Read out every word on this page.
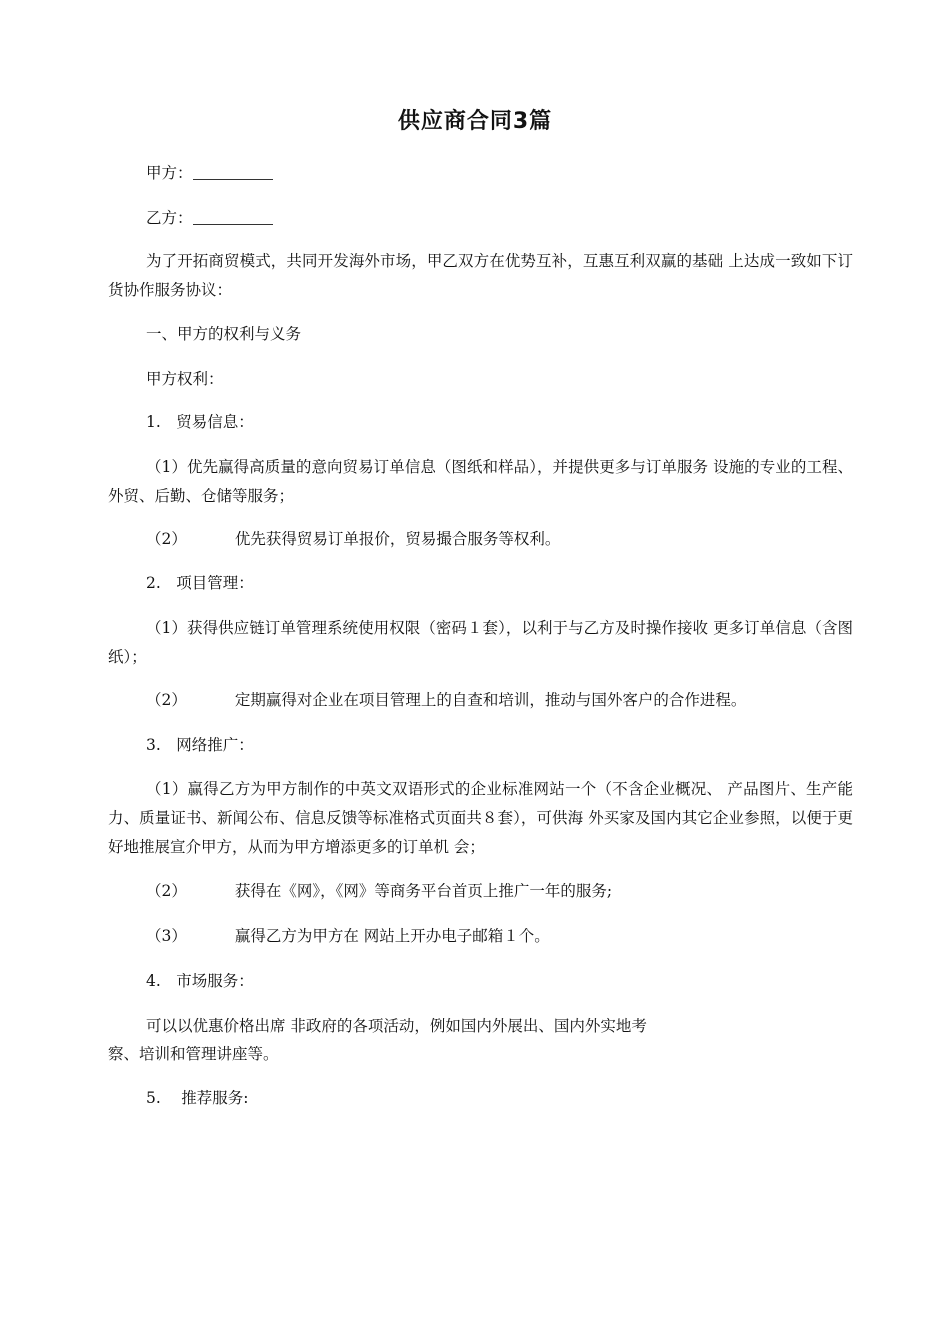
供应商合同3篇
甲方：
乙方：
为了开拓商贸模式，共同开发海外市场，甲乙双方在优势互补，互惠互利双赢的基础 上达成一致如下订货协作服务协议：
一、甲方的权利与义务
甲方权利：
1.　贸易信息：
（1）优先赢得高质量的意向贸易订单信息（图纸和样品），并提供更多与订单服务 设施的专业的工程、外贸、后勤、仓储等服务；
（2）	优先获得贸易订单报价，贸易撮合服务等权利。
2.　项目管理：
（1）获得供应链订单管理系统使用权限（密码１套），以利于与乙方及时操作接收 更多订单信息（含图纸）；
（2）	定期赢得对企业在项目管理上的自查和培训，推动与国外客户的合作进程。
3.　网络推广：
（1）赢得乙方为甲方制作的中英文双语形式的企业标准网站一个（不含企业概况、 产品图片、生产能力、质量证书、新闻公布、信息反馈等标准格式页面共８套），可供海 外买家及国内其它企业参照，以便于更好地推展宣介甲方，从而为甲方增添更多的订单机 会；
（2）	获得在《网》，《网》等商务平台首页上推广一年的服务;
（3）	赢得乙方为甲方在 网站上开办电子邮箱１个。
4.　市场服务：
可以以优惠价格出席 非政府的各项活动，例如国内外展出、国内外实地考
察、培训和管理讲座等。
5.　 推荐服务:
